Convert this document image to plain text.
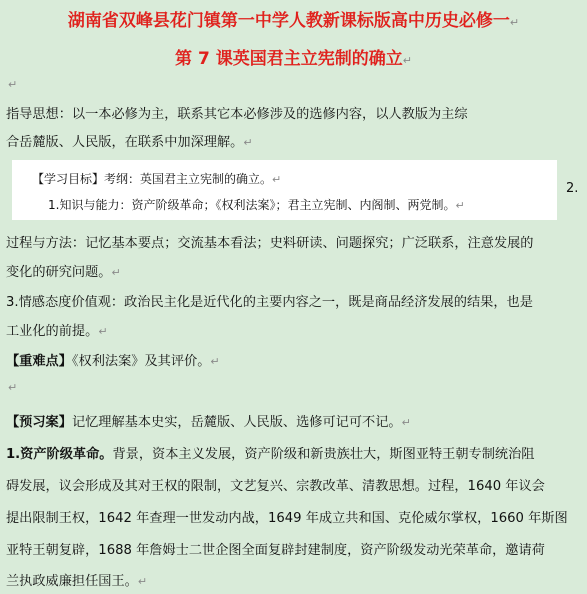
湖南省双峰县花门镇第一中学人教新课标版高中历史必修一↵
第 7 课英国君主立宪制的确立↵
↵
指导思想：以一本必修为主，联系其它本必修涉及的选修内容，以人教版为主综
合岳麓版、人民版，在联系中加深理解。↵
【学习目标】考纲：英国君主立宪制的确立。↵
1.知识与能力：资产阶级革命；《权利法案》；君主立宪制、内阁制、两党制。↵
2.
过程与方法：记忆基本要点；交流基本看法；史料研读、问题探究；广泛联系，注意发展的
变化的研究问题。↵
3.情感态度价值观：政治民主化是近代化的主要内容之一，既是商品经济发展的结果，也是
工业化的前提。↵
【重难点】《权利法案》及其评价。↵
↵
【预习案】记忆理解基本史实，岳麓版、人民版、选修可记可不记。↵
1.资产阶级革命。背景，资本主义发展，资产阶级和新贵族壮大，斯图亚特王朝专制统治阻
碍发展，议会形成及其对王权的限制，文艺复兴、宗教改革、清教思想。过程，1640 年议会
提出限制王权，1642 年查理一世发动内战，1649 年成立共和国、克伦威尔掌权，1660 年斯图
亚特王朝复辟，1688 年詹姆士二世企图全面复辟封建制度，资产阶级发动光荣革命，邀请荷
兰执政威廉担任国王。↵
